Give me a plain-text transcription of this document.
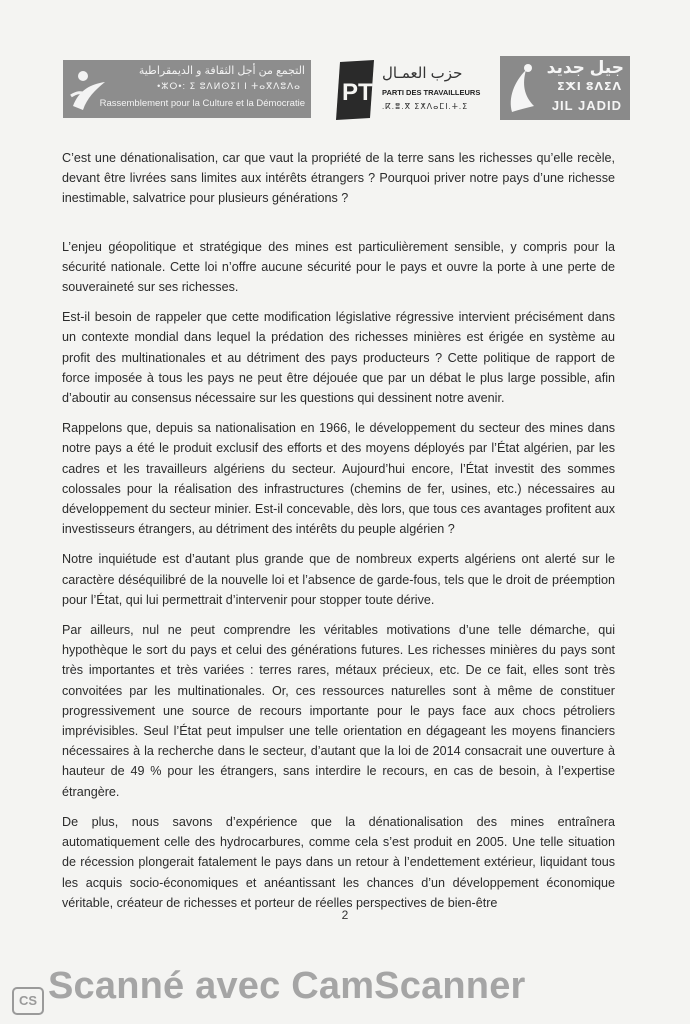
التجمع من أجل الثقافة و الديمقراطية
•ⵣⵔ•: ⵉ ⵓⴷⵍⵙⵉⵏ ⵏ ⵜⴰⴳⴷⵓⴷⴰ
Rassemblement pour la Culture et la Démocratie PT
حزب العمـال
PARTI DES TRAVAILLEURS
.ⴽ.ⴻ.ⴳ ⵉⵅⴷⴰⵎⵏ.ⵜ.ⵉ
جيل جديد
ⵉⵅⵏ ⵓⴷⵉⴷ
JIL JADID

C’est une dénationalisation, car que vaut la propriété de la terre sans les richesses qu’elle recèle, devant être livrées sans limites aux intérêts étrangers ? Pourquoi priver notre pays d’une richesse inestimable, salvatrice pour plusieurs générations ?

L’enjeu géopolitique et stratégique des mines est particulièrement sensible, y compris pour la sécurité nationale. Cette loi n’offre aucune sécurité pour le pays et ouvre la porte à une perte de souveraineté sur ses richesses.

Est-il besoin de rappeler que cette modification législative régressive intervient précisément dans un contexte mondial dans lequel la prédation des richesses minières est érigée en système au profit des multinationales et au détriment des pays producteurs ? Cette politique de rapport de force imposée à tous les pays ne peut être déjouée que par un débat le plus large possible, afin d’aboutir au consensus nécessaire sur les questions qui dessinent notre avenir.

Rappelons que, depuis sa nationalisation en 1966, le développement du secteur des mines dans notre pays a été le produit exclusif des efforts et des moyens déployés par l’État algérien, par les cadres et les travailleurs algériens du secteur. Aujourd’hui encore, l’État investit des sommes colossales pour la réalisation des infrastructures (chemins de fer, usines, etc.) nécessaires au développement du secteur minier. Est-il concevable, dès lors, que tous ces avantages profitent aux investisseurs étrangers, au détriment des intérêts du peuple algérien ?

Notre inquiétude est d’autant plus grande que de nombreux experts algériens ont alerté sur le caractère déséquilibré de la nouvelle loi et l’absence de garde-fous, tels que le droit de préemption pour l’État, qui lui permettrait d’intervenir pour stopper toute dérive.

Par ailleurs, nul ne peut comprendre les véritables motivations d’une telle démarche, qui hypothèque le sort du pays et celui des générations futures. Les richesses minières du pays sont très importantes et très variées : terres rares, métaux précieux, etc. De ce fait, elles sont très convoitées par les multinationales. Or, ces ressources naturelles sont à même de constituer progressivement une source de recours importante pour le pays face aux chocs pétroliers imprévisibles. Seul l’État peut impulser une telle orientation en dégageant les moyens financiers nécessaires à la recherche dans le secteur, d’autant que la loi de 2014 consacrait une ouverture à hauteur de 49 % pour les étrangers, sans interdire le recours, en cas de besoin, à l’expertise étrangère.

De plus, nous savons d’expérience que la dénationalisation des mines entraînera automatiquement celle des hydrocarbures, comme cela s’est produit en 2005. Une telle situation de récession plongerait fatalement le pays dans un retour à l’endettement extérieur, liquidant tous les acquis socio-économiques et anéantissant les chances d’un développement économique véritable, créateur de richesses et porteur de réelles perspectives de bien-être

2
CS Scanné avec CamScanner
